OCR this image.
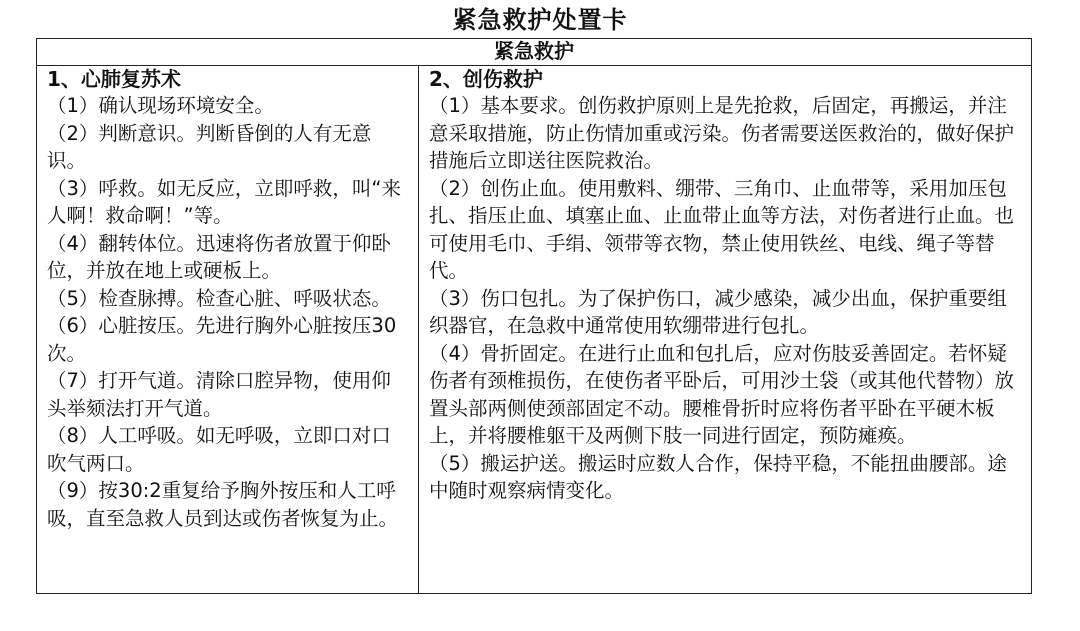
紧急救护处置卡
紧急救护
1、心肺复苏术
（1）确认现场环境安全。
（2）判断意识。判断昏倒的人有无意识。
（3）呼救。如无反应，立即呼救，叫“来人啊！救命啊！”等。
（4）翻转体位。迅速将伤者放置于仰卧位，并放在地上或硬板上。
（5）检查脉搏。检查心脏、呼吸状态。
（6）心脏按压。先进行胸外心脏按压30次。
（7）打开气道。清除口腔异物，使用仰头举颏法打开气道。
（8）人工呼吸。如无呼吸，立即口对口吹气两口。
（9）按30:2重复给予胸外按压和人工呼吸，直至急救人员到达或伤者恢复为止。
2、创伤救护
（1）基本要求。创伤救护原则上是先抢救，后固定，再搬运，并注意采取措施，防止伤情加重或污染。伤者需要送医救治的，做好保护措施后立即送往医院救治。
（2）创伤止血。使用敷料、绷带、三角巾、止血带等，采用加压包扎、指压止血、填塞止血、止血带止血等方法，对伤者进行止血。也可使用毛巾、手绢、领带等衣物，禁止使用铁丝、电线、绳子等替代。
（3）伤口包扎。为了保护伤口，减少感染，减少出血，保护重要组织器官，在急救中通常使用软绷带进行包扎。
（4）骨折固定。在进行止血和包扎后，应对伤肢妥善固定。若怀疑伤者有颈椎损伤，在使伤者平卧后，可用沙土袋（或其他代替物）放置头部两侧使颈部固定不动。腰椎骨折时应将伤者平卧在平硬木板上，并将腰椎躯干及两侧下肢一同进行固定，预防瘫痪。
（5）搬运护送。搬运时应数人合作，保持平稳，不能扭曲腰部。途中随时观察病情变化。
